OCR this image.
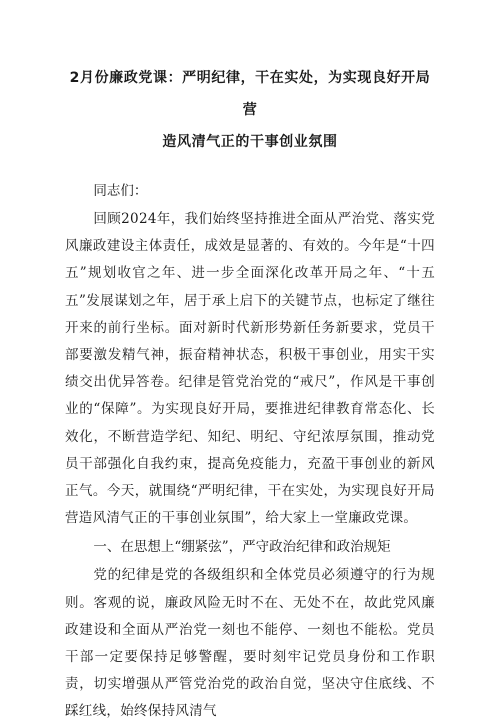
2月份廉政党课：严明纪律，干在实处，为实现良好开局营
造风清气正的干事创业氛围

同志们：

回顾2024年，我们始终坚持推进全面从严治党、落实党风廉政建设主体责任，成效是显著的、有效的。今年是“十四五”规划收官之年、进一步全面深化改革开局之年、“十五五”发展谋划之年，居于承上启下的关键节点，也标定了继往开来的前行坐标。面对新时代新形势新任务新要求，党员干部要激发精气神，振奋精神状态，积极干事创业，用实干实绩交出优异答卷。纪律是管党治党的“戒尺”，作风是干事创业的“保障”。为实现良好开局，要推进纪律教育常态化、长效化，不断营造学纪、知纪、明纪、守纪浓厚氛围，推动党员干部强化自我约束，提高免疫能力，充盈干事创业的新风正气。今天，就围绕“严明纪律，干在实处，为实现良好开局营造风清气正的干事创业氛围”，给大家上一堂廉政党课。

一、在思想上“绷紧弦”，严守政治纪律和政治规矩

党的纪律是党的各级组织和全体党员必须遵守的行为规则。客观的说，廉政风险无时不在、无处不在，故此党风廉政建设和全面从严治党一刻也不能停、一刻也不能松。党员干部一定要保持足够警醒，要时刻牢记党员身份和工作职责，切实增强从严管党治党的政治自觉，坚决守住底线、不踩红线，始终保持风清气
